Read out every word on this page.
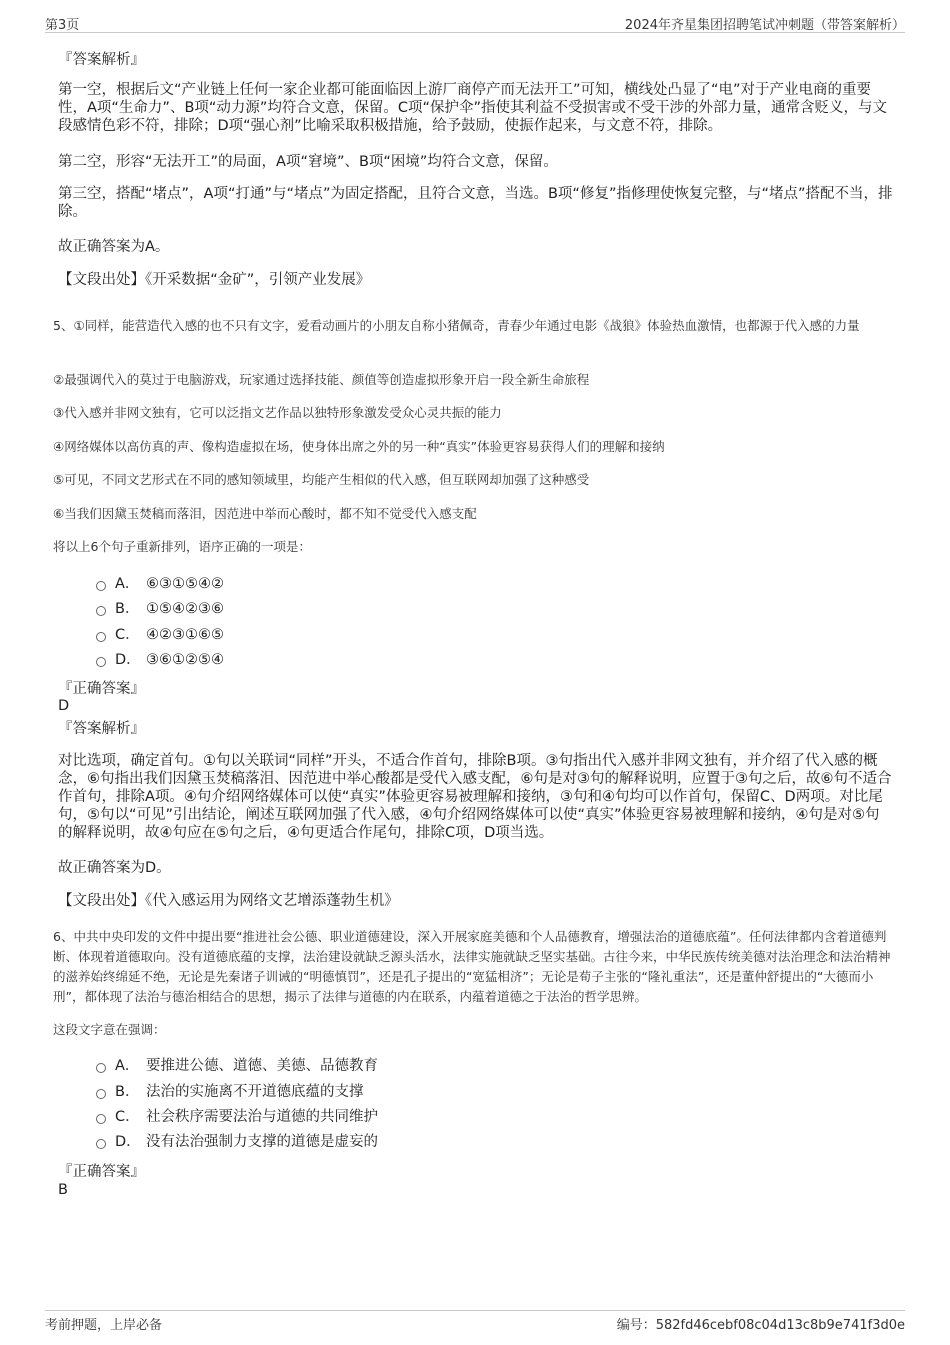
第3页	2024年齐星集团招聘笔试冲刺题（带答案解析）

『答案解析』

第一空，根据后文“产业链上任何一家企业都可能面临因上游厂商停产而无法开工”可知，横线处凸显了“电”对于产业电商的重要性，A项“生命力”、B项“动力源”均符合文意，保留。C项“保护伞”指使其利益不受损害或不受干涉的外部力量，通常含贬义，与文段感情色彩不符，排除；D项“强心剂”比喻采取积极措施，给予鼓励，使振作起来，与文意不符，排除。

第二空，形容“无法开工”的局面，A项“窘境”、B项“困境”均符合文意，保留。

第三空，搭配“堵点”，A项“打通”与“堵点”为固定搭配，且符合文意，当选。B项“修复”指修理使恢复完整，与“堵点”搭配不当，排除。

故正确答案为A。

【文段出处】《开采数据“金矿”，引领产业发展》

5、①同样，能营造代入感的也不只有文字，爱看动画片的小朋友自称小猪佩奇，青春少年通过电影《战狼》体验热血激情，也都源于代入感的力量

②最强调代入的莫过于电脑游戏，玩家通过选择技能、颜值等创造虚拟形象开启一段全新生命旅程

③代入感并非网文独有，它可以泛指文艺作品以独特形象激发受众心灵共振的能力

④网络媒体以高仿真的声、像构造虚拟在场，使身体出席之外的另一种“真实”体验更容易获得人们的理解和接纳

⑤可见，不同文艺形式在不同的感知领域里，均能产生相似的代入感，但互联网却加强了这种感受

⑥当我们因黛玉焚稿而落泪，因范进中举而心酸时，都不知不觉受代入感支配

将以上6个句子重新排列，语序正确的一项是：

A． ⑥③①⑤④②
B． ①⑤④②③⑥
C． ④②③①⑥⑤
D． ③⑥①②⑤④

『正确答案』

D

『答案解析』

对比选项，确定首句。①句以关联词“同样”开头，不适合作首句，排除B项。③句指出代入感并非网文独有，并介绍了代入感的概念，⑥句指出我们因黛玉焚稿落泪、因范进中举心酸都是受代入感支配，⑥句是对③句的解释说明，应置于③句之后，故⑥句不适合作首句，排除A项。④句介绍网络媒体可以使“真实”体验更容易被理解和接纳，③句和④句均可以作首句，保留C、D两项。对比尾句，⑤句以“可见”引出结论，阐述互联网加强了代入感，④句介绍网络媒体可以使“真实”体验更容易被理解和接纳，④句是对⑤句的解释说明，故④句应在⑤句之后，④句更适合作尾句，排除C项，D项当选。

故正确答案为D。

【文段出处】《代入感运用为网络文艺增添蓬勃生机》

6、中共中央印发的文件中提出要“推进社会公德、职业道德建设，深入开展家庭美德和个人品德教育，增强法治的道德底蕴”。任何法律都内含着道德判断、体现着道德取向。没有道德底蕴的支撑，法治建设就缺乏源头活水，法律实施就缺乏坚实基础。古往今来，中华民族传统美德对法治理念和法治精神的滋养始终绵延不绝，无论是先秦诸子训诫的“明德慎罚”，还是孔子提出的“宽猛相济”；无论是荀子主张的“隆礼重法”，还是董仲舒提出的“大德而小刑”，都体现了法治与德治相结合的思想，揭示了法律与道德的内在联系，内蕴着道德之于法治的哲学思辨。

这段文字意在强调：

A． 要推进公德、道德、美德、品德教育
B． 法治的实施离不开道德底蕴的支撑
C． 社会秩序需要法治与道德的共同维护
D． 没有法治强制力支撑的道德是虚妄的

『正确答案』

B

考前押题，上岸必备	编号：582fd46cebf08c04d13c8b9e741f3d0e
